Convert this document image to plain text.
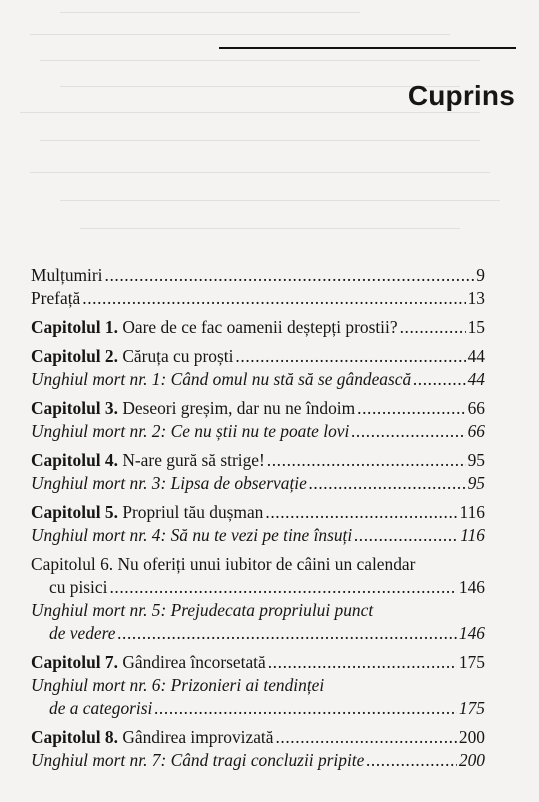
Cuprins
Mulțumiri .....	9
Prefață .....	13
Capitolul 1. Oare de ce fac oamenii deștepți prostii? .....	15
Capitolul 2. Căruța cu proști .....	44
Unghiul mort nr. 1: Când omul nu stă să se gândească .....	44
Capitolul 3. Deseori greșim, dar nu ne îndoim .....	66
Unghiul mort nr. 2: Ce nu știi nu te poate lovi .....	66
Capitolul 4. N-are gură să strige! .....	95
Unghiul mort nr. 3: Lipsa de observație .....	95
Capitolul 5. Propriul tău dușman .....	116
Unghiul mort nr. 4: Să nu te vezi pe tine însuți .....	116
Capitolul 6. Nu oferiți unui iubitor de câini un calendar
cu pisici .....	146
Unghiul mort nr. 5: Prejudecata propriului punct
de vedere .....	146
Capitolul 7. Gândirea încorsetată .....	175
Unghiul mort nr. 6: Prizonieri ai tendinței
de a categorisi .....	175
Capitolul 8. Gândirea improvizată .....	200
Unghiul mort nr. 7: Când tragi concluzii pripite .....	200
